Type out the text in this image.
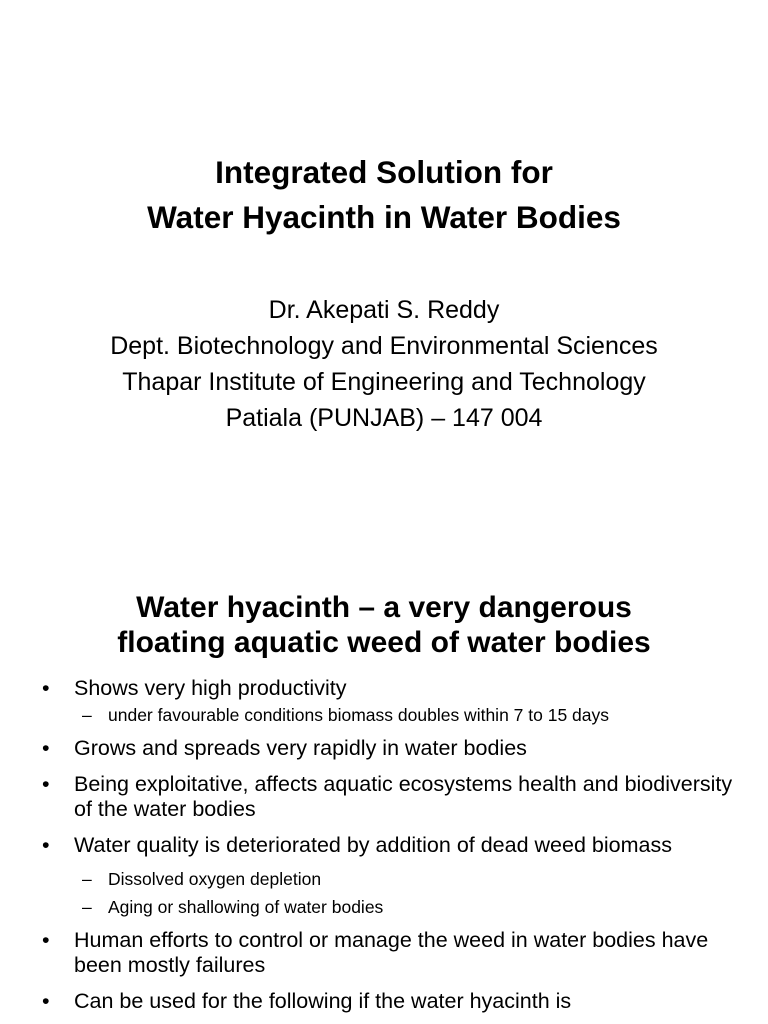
Integrated Solution for
Water Hyacinth in Water Bodies
Dr. Akepati S. Reddy
Dept. Biotechnology and Environmental Sciences
Thapar Institute of Engineering and Technology
Patiala (PUNJAB) – 147 004
Water hyacinth – a very dangerous
floating aquatic weed of water bodies
• Shows very high productivity
– under favourable conditions biomass doubles within 7 to 15 days
• Grows and spreads very rapidly in water bodies
• Being exploitative, affects aquatic ecosystems health and biodiversity of the water bodies
• Water quality is deteriorated by addition of dead weed biomass
– Dissolved oxygen depletion
– Aging or shallowing of water bodies
• Human efforts to control or manage the weed in water bodies have been mostly failures
• Can be used for the following if the water hyacinth is
